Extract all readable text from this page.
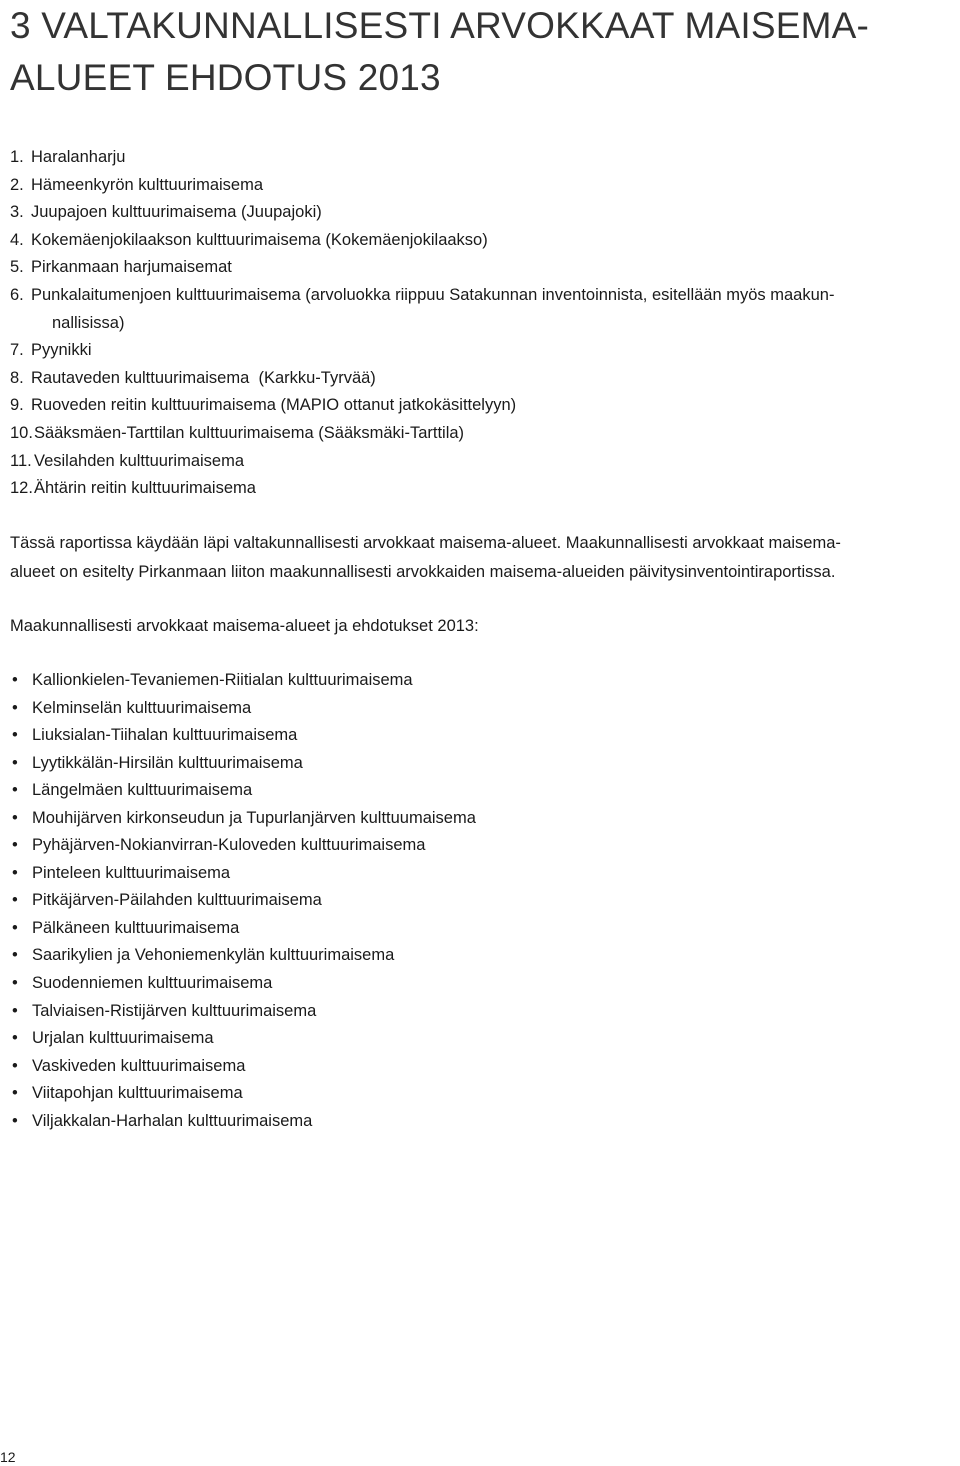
3 VALTAKUNNALLISESTI ARVOKKAAT MAISEMA-
ALUEET EHDOTUS 2013
1. Haralanharju
2. Hämeenkyrön kulttuurimaisema
3. Juupajoen kulttuurimaisema (Juupajoki)
4. Kokemäenjokilaakson kulttuurimaisema (Kokemäenjokilaakso)
5. Pirkanmaan harjumaisemat
6. Punkalaitumenjoen kulttuurimaisema (arvoluokka riippuu Satakunnan inventoinnista, esitellään myös maakun-
nallisissa)
7. Pyynikki
8. Rautaveden kulttuurimaisema  (Karkku-Tyrvää)
9. Ruoveden reitin kulttuurimaisema (MAPIO ottanut jatkokäsittelyyn)
10. Sääksmäen-Tarttilan kulttuurimaisema (Sääksmäki-Tarttila)
11. Vesilahden kulttuurimaisema
12. Ähtärin reitin kulttuurimaisema

Tässä raportissa käydään läpi valtakunnallisesti arvokkaat maisema-alueet. Maakunnallisesti arvokkaat maisema-
alueet on esitelty Pirkanmaan liiton maakunnallisesti arvokkaiden maisema-alueiden päivitysinventointiraportissa.

Maakunnallisesti arvokkaat maisema-alueet ja ehdotukset 2013:

• Kallionkielen-Tevaniemen-Riitialan kulttuurimaisema
• Kelminselän kulttuurimaisema
• Liuksialan-Tiihalan kulttuurimaisema
• Lyytikkälän-Hirsilän kulttuurimaisema
• Längelmäen kulttuurimaisema
• Mouhijärven kirkonseudun ja Tupurlanjärven kulttuumaisema
• Pyhäjärven-Nokianvirran-Kuloveden kulttuurimaisema
• Pinteleen kulttuurimaisema
• Pitkäjärven-Päilahden kulttuurimaisema
• Pälkäneen kulttuurimaisema
• Saarikylien ja Vehoniemenkylän kulttuurimaisema
• Suodenniemen kulttuurimaisema
• Talviaisen-Ristijärven kulttuurimaisema
• Urjalan kulttuurimaisema
• Vaskiveden kulttuurimaisema
• Viitapohjan kulttuurimaisema
• Viljakkalan-Harhalan kulttuurimaisema
12
